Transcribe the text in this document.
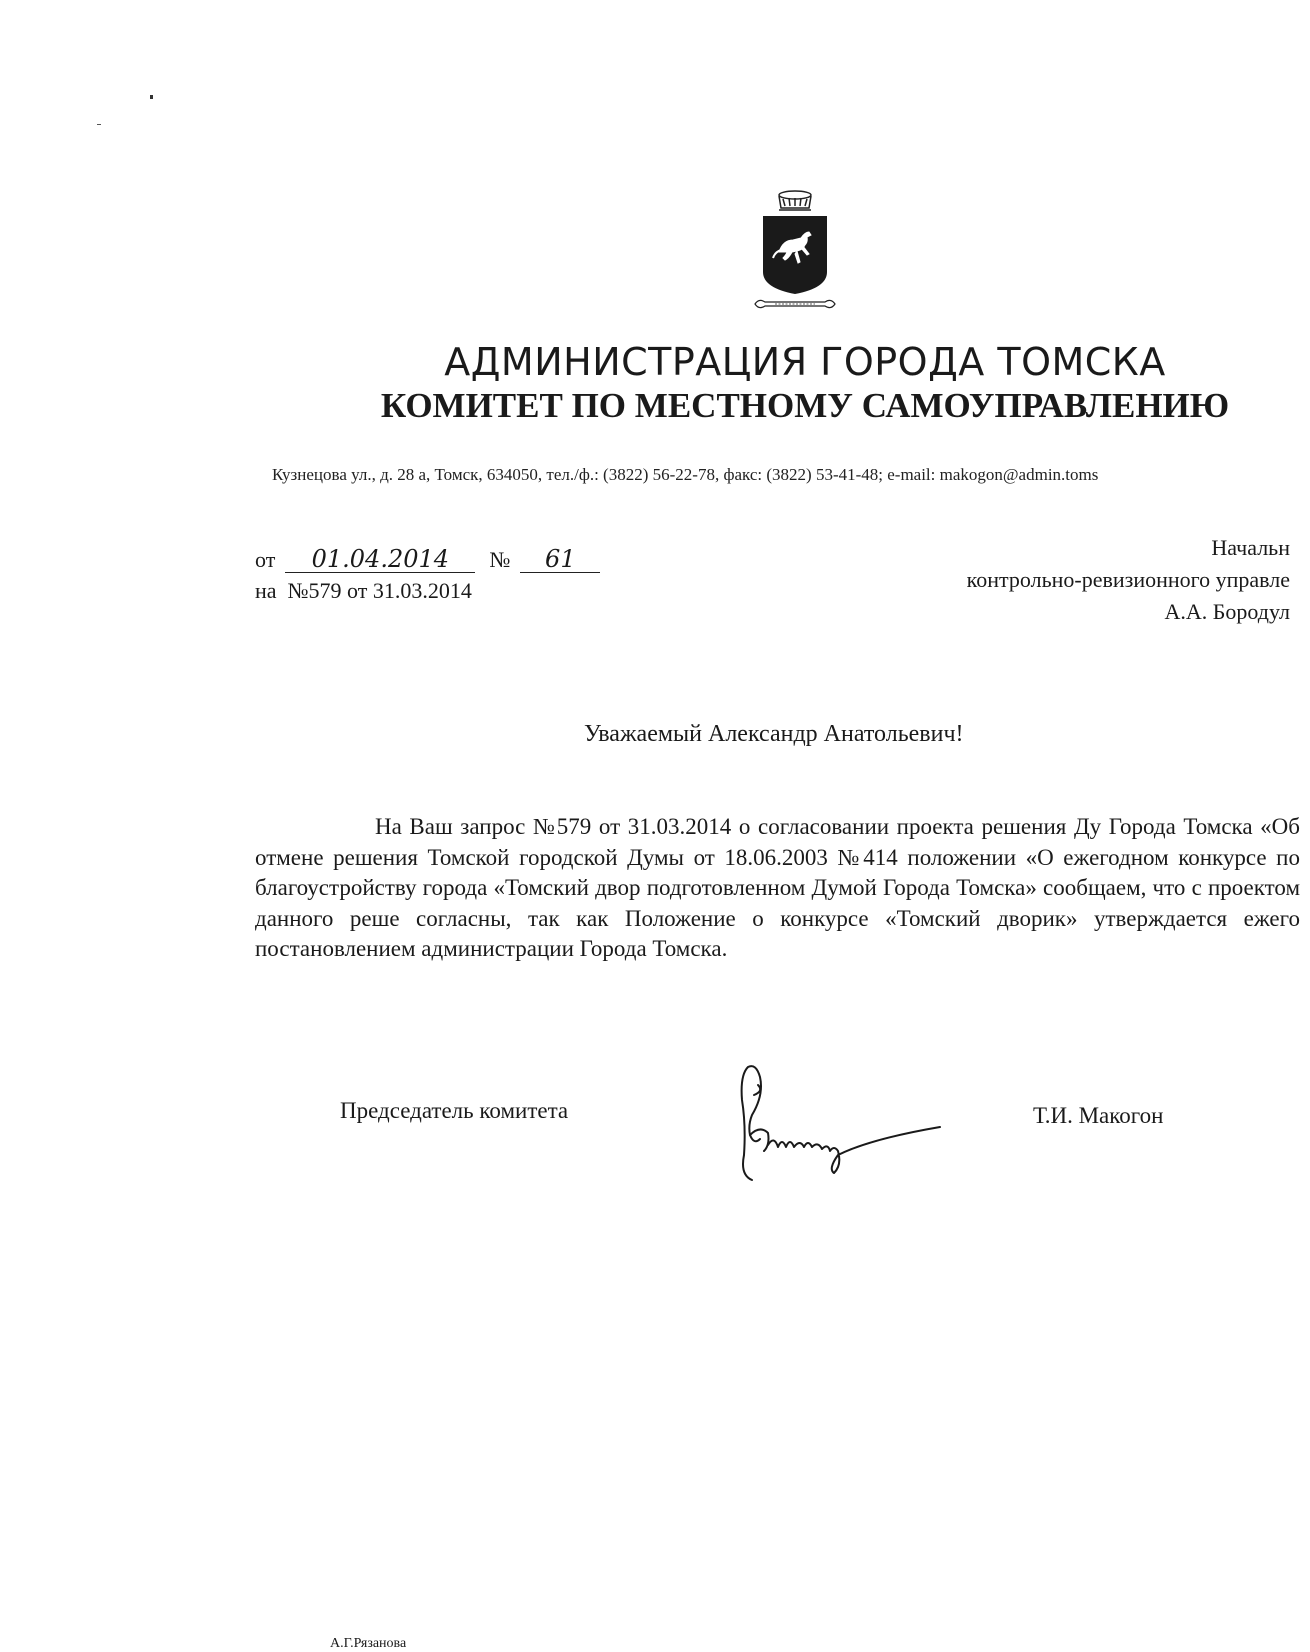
АДМИНИСТРАЦИЯ ГОРОДА ТОМСКА
КОМИТЕТ ПО МЕСТНОМУ САМОУПРАВЛЕНИЮ
Кузнецова ул., д. 28 а, Томск, 634050, тел./ф.: (3822) 56-22-78, факс: (3822) 53-41-48; e-mail: makogon@admin.toms
от 01.04.2014 № 61
на №579 от 31.03.2014
Начальн
контрольно-ревизионного управле
А.А. Бородул
Уважаемый Александр Анатольевич!
На Ваш запрос №579 от 31.03.2014 о согласовании проекта решения Ду Города Томска «Об отмене решения Томской городской Думы от 18.06.2003 №414 положении «О ежегодном конкурсе по благоустройству города «Томский двор подготовленном Думой Города Томска» сообщаем, что с проектом данного реше согласны, так как Положение о конкурсе «Томский дворик» утверждается ежего постановлением администрации Города Томска.
Председатель комитета	Т.И. Макогон
А.Г.Рязанова
